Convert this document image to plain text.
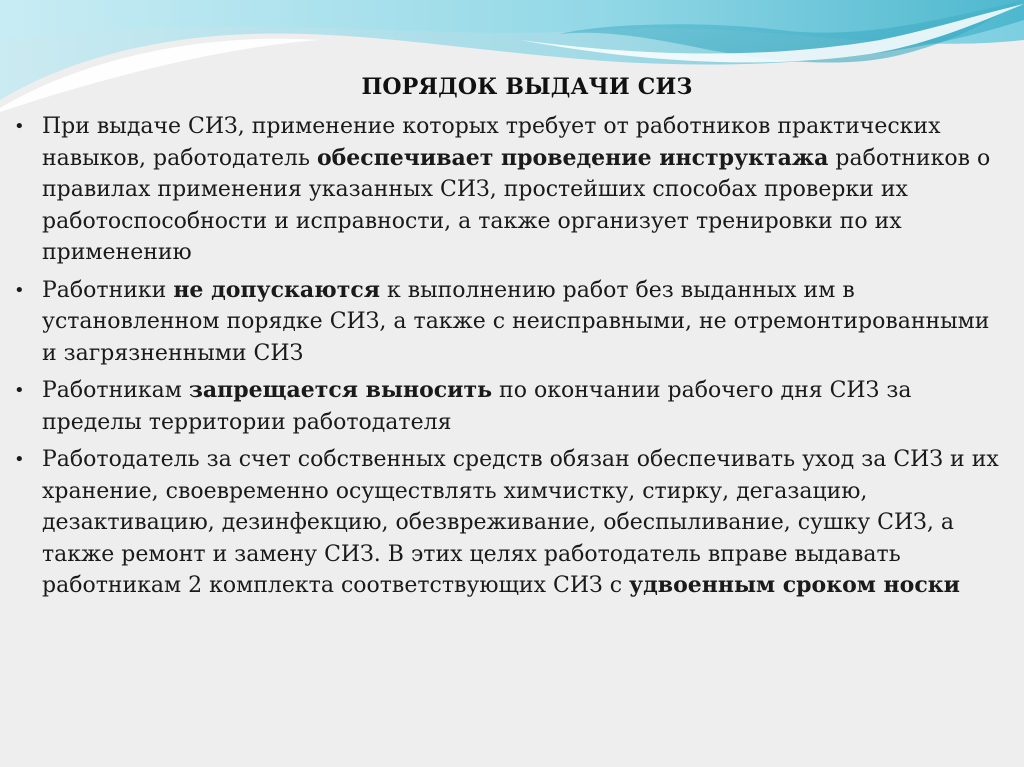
ПОРЯДОК ВЫДАЧИ СИЗ
• При выдаче СИЗ, применение которых требует от работников практических навыков, работодатель обеспечивает проведение инструктажа работников о правилах применения указанных СИЗ, простейших способах проверки их работоспособности и исправности, а также организует тренировки по их применению
• Работники не допускаются к выполнению работ без выданных им в установленном порядке СИЗ, а также с неисправными, не отремонтированными и загрязненными СИЗ
• Работникам запрещается выносить по окончании рабочего дня СИЗ за пределы территории работодателя
• Работодатель за счет собственных средств обязан обеспечивать уход за СИЗ и их хранение, своевременно осуществлять химчистку, стирку, дегазацию, дезактивацию, дезинфекцию, обезвреживание, обеспыливание, сушку СИЗ, а также ремонт и замену СИЗ. В этих целях работодатель вправе выдавать работникам 2 комплекта соответствующих СИЗ с удвоенным сроком носки
